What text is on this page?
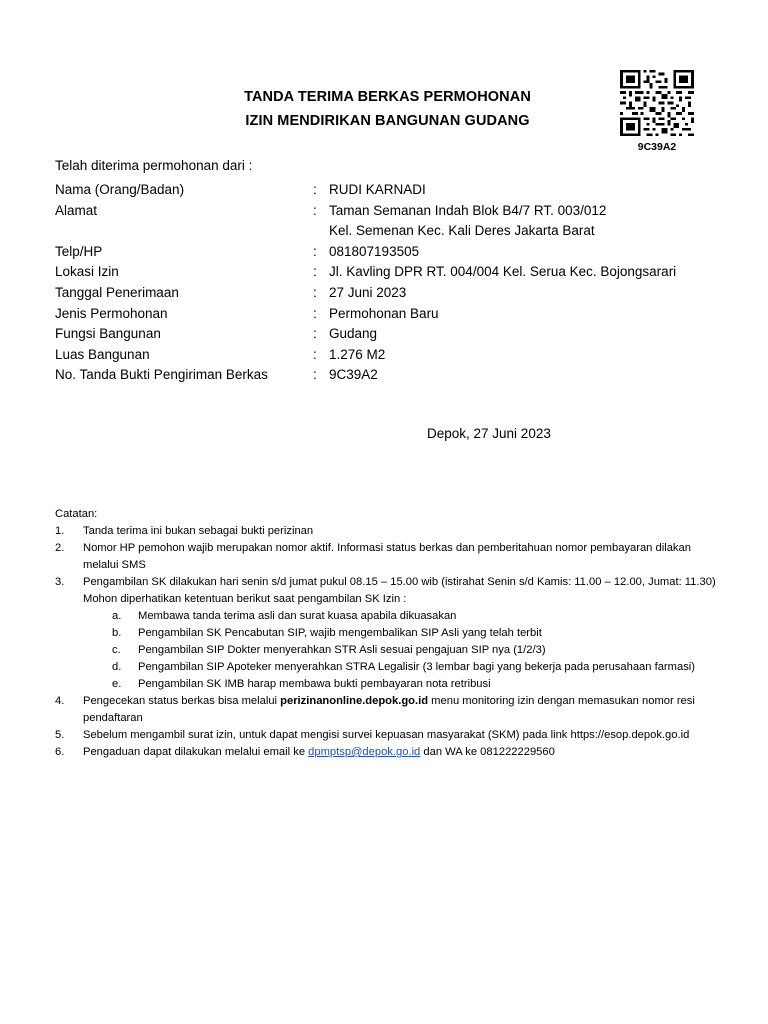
TANDA TERIMA BERKAS PERMOHONAN
IZIN MENDIRIKAN BANGUNAN GUDANG
9C39A2
Telah diterima permohonan dari :
Nama (Orang/Badan)	: RUDI KARNADI
Alamat	: Taman Semanan Indah Blok B4/7 RT. 003/012
Kel. Semenan Kec. Kali Deres Jakarta Barat
Telp/HP	: 081807193505
Lokasi Izin	: Jl. Kavling DPR RT. 004/004 Kel. Serua Kec. Bojongsarari
Tanggal Penerimaan	: 27 Juni 2023
Jenis Permohonan	: Permohonan Baru
Fungsi Bangunan	: Gudang
Luas Bangunan	: 1.276 M2
No. Tanda Bukti Pengiriman Berkas	: 9C39A2
Depok, 27 Juni 2023
Catatan:
1. Tanda terima ini bukan sebagai bukti perizinan
2. Nomor HP pemohon wajib merupakan nomor aktif. Informasi status berkas dan pemberitahuan nomor pembayaran dilakan melalui SMS
3. Pengambilan SK dilakukan hari senin s/d jumat pukul 08.15 – 15.00 wib (istirahat Senin s/d Kamis: 11.00 – 12.00, Jumat: 11.30)
Mohon diperhatikan ketentuan berikut saat pengambilan SK Izin :
a. Membawa tanda terima asli dan surat kuasa apabila dikuasakan
b. Pengambilan SK Pencabutan SIP, wajib mengembalikan SIP Asli yang telah terbit
c. Pengambilan SIP Dokter menyerahkan STR Asli sesuai pengajuan SIP nya (1/2/3)
d. Pengambilan SIP Apoteker menyerahkan STRA Legalisir (3 lembar bagi yang bekerja pada perusahaan farmasi)
e. Pengambilan SK IMB harap membawa bukti pembayaran nota retribusi
4. Pengecekan status berkas bisa melalui perizinanonline.depok.go.id menu monitoring izin dengan memasukan nomor resi pendaftaran
5. Sebelum mengambil surat izin, untuk dapat mengisi survei kepuasan masyarakat (SKM) pada link https://esop.depok.go.id
6. Pengaduan dapat dilakukan melalui email ke dpmptsp@depok.go.id dan WA ke 081222229560
